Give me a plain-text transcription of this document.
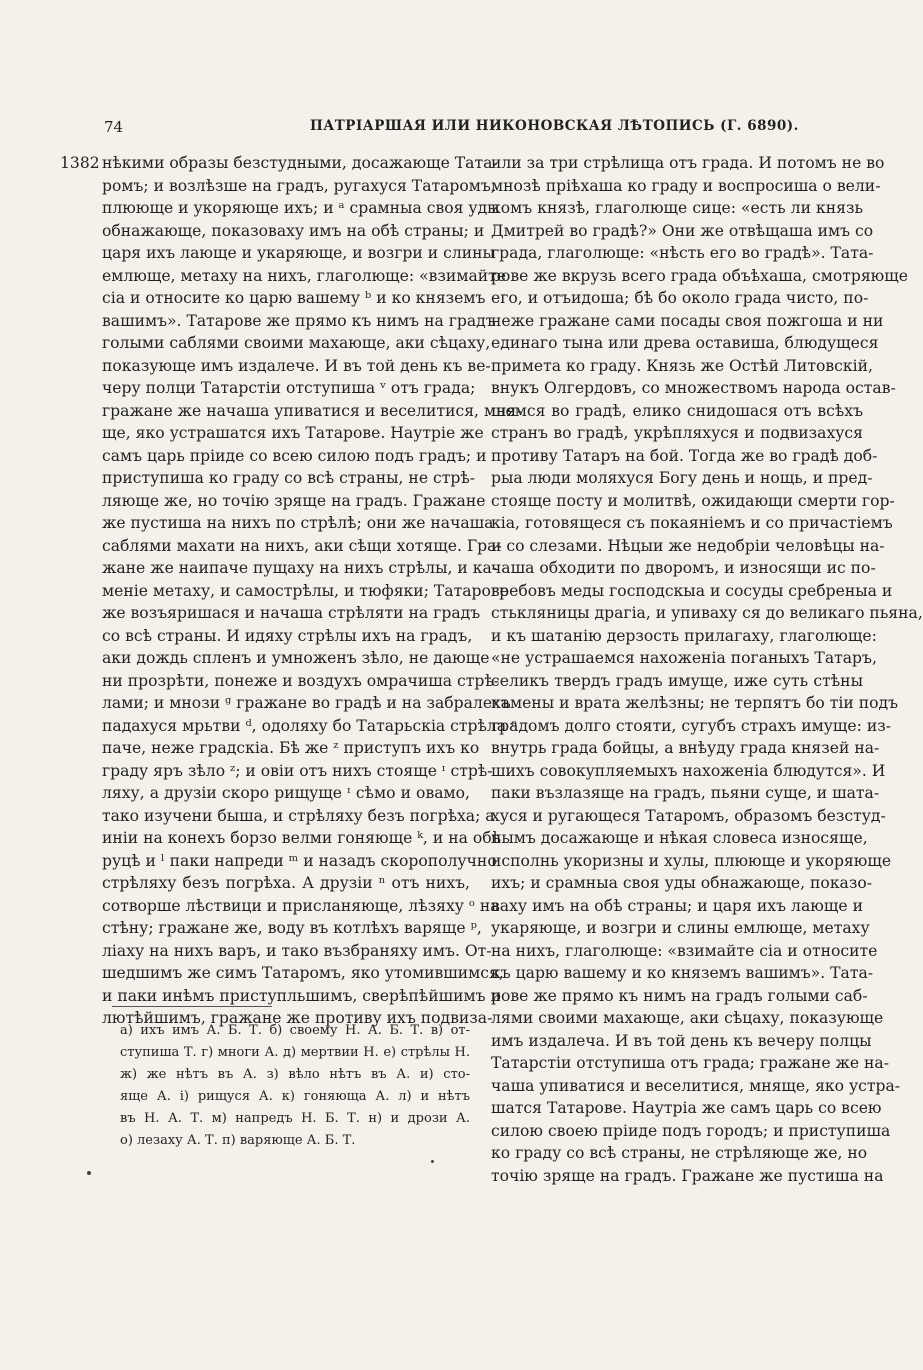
74	ПАТРІАРШАЯ ИЛИ НИКОНОВСКАЯ ЛѢТОПИСЬ (Г. 6890).
1382 нѣкими образы безстудными, досажающе Тата-
ромъ; и возлѣзше на градъ, ругахуся Татаромъ,
плююще и укоряюще ихъ; и ᵃ срамныа своя уды
обнажающе, показоваху имъ на обѣ страны; и
царя ихъ лающе и укаряюще, и возгри и слины
емлюще, метаху на нихъ, глаголюще: «взимайте
сіа и относите ко царю вашему ᵇ и ко княземъ
вашимъ». Татарове же прямо къ нимъ на градъ
голыми саблями своими махающе, аки сѣцаху,
показующе имъ издалече. И въ той день къ ве-
черу полци Татарстіи отступиша ᵛ отъ града;
гражане же начаша упиватися и веселитися, мня-
ще, яко устрашатся ихъ Татарове. Наутріе же
самъ царь пріиде со всею силою подъ градъ; и
приступиша ко граду со всѣ страны, не стрѣ-
ляюще же, но точію зряще на градъ. Гражане
же пустиша на нихъ по стрѣлѣ; они же начаша
саблями махати на нихъ, аки сѣщи хотяще. Гра-
жане же наипаче пущаху на нихъ стрѣлы, и ка-
меніе метаху, и самострѣлы, и тюфяки; Татарове
же возъяришася и начаша стрѣляти на градъ
со всѣ страны. И идяху стрѣлы ихъ на градъ,
аки дождь спленъ и умноженъ зѣло, не дающе
ни прозрѣти, понеже и воздухъ омрачиша стрѣ-
лами; и мнози ᵍ гражане во градѣ и на забралехъ
падахуся мрьтви ᵈ, одоляху бо Татарьскіа стрѣла ᵉ
паче, неже градскіа. Бѣ же ᶻ приступъ ихъ ко
граду яръ зѣло ᶻ; и овіи отъ нихъ стояще ᶦ стрѣ-
ляху, а друзіи скоро рищуще ᶦ сѣмо и овамо,
тако изучени быша, и стрѣляху безъ погрѣха; а
иніи на конехъ борзо велми гоняюще ᵏ, и на обѣ
руцѣ и ˡ паки напреди ᵐ и назадъ скорополучно
стрѣляху безъ погрѣха. А друзіи ⁿ отъ нихъ,
сотворше лѣствици и присланяюще, лѣзяху ᵒ на
стѣну; гражане же, воду въ котлѣхъ варяще ᵖ,
ліаху на нихъ варъ, и тако възбраняху имъ. От-
шедшимъ же симъ Татаромъ, яко утомившимся,
и паки инѣмъ приступльшимъ, сверѣпѣйшимъ и
лютѣйшимъ, гражане же противу ихъ подвиза-
или за три стрѣлища отъ града. И потомъ не во
мнозѣ пріѣхаша ко граду и воспросиша о вели-
комъ князѣ, глаголюще сице: «есть ли князь
Дмитрей во градѣ?» Они же отвѣщаша имъ со
града, глаголюще: «нѣсть его во градѣ». Тата-
рове же вкрузь всего града объѣхаша, смотряюще
его, и отъидоша; бѣ бо около града чисто, по-
неже гражане сами посады своя пожгоша и ни
единаго тына или древа оставиша, блюдущеся
примета ко граду. Князь же Остѣй Литовскій,
внукъ Олгердовъ, со множествомъ народа остав-
шемся во градѣ, елико снидошася отъ всѣхъ
странъ во градѣ, укрѣпляхуся и подвизахуся
противу Татаръ на бой. Тогда же во градѣ доб-
рыа люди моляхуся Богу день и нощь, и пред-
стояще посту и молитвѣ, ожидающи смерти гор-
кіа, готовящеся съ покаяніемъ и со причастіемъ
и со слезами. Нѣцыи же недобріи человѣцы на-
чаша обходити по дворомъ, и износящи ис по-
гребовъ меды господскыа и сосуды сребреныа и
стькляницы драгіа, и упиваху ся до великаго пьяна,
и къ шатанію дерзость прилагаху, глаголюще:
«не устрашаемся нахоженіа поганыхъ Татаръ,
селикъ твердъ градъ имуще, иже суть стѣны
камены и врата желѣзны; не терпятъ бо тіи подъ
градомъ долго стояти, сугубъ страхъ имуще: из-
внутрь града бойцы, а внѣуду града князей на-
шихъ совокупляемыхъ нахоженіа блюдутся». И
паки възлазяще на градъ, пьяни суще, и шата-
хуся и ругающеся Татаромъ, образомъ безстуд-
нымъ досажающе и нѣкая словеса износяще,
исполнь укоризны и хулы, плююще и укоряюще
ихъ; и срамныа своя уды обнажающе, показо-
ваху имъ на обѣ страны; и царя ихъ лающе и
укаряюще, и возгри и слины емлюще, метаху
на нихъ, глаголюще: «взимайте сіа и относите
къ царю вашему и ко княземъ вашимъ». Тата-
рове же прямо къ нимъ на градъ голыми саб-
лями своими махающе, аки сѣцаху, показующе
имъ издалеча. И въ той день къ вечеру полцы
Татарстіи отступиша отъ града; гражане же на-
чаша упиватися и веселитися, мняще, яко устра-
шатся Татарове. Наутріа же самъ царь со всею
силою своею пріиде подъ городъ; и приступиша
ко граду со всѣ страны, не стрѣляюще же, но
точію зряще на градъ. Гражане же пустиша на
а) ихъ имъ А. Б. Т. б) своему Н. А. Б. Т. в) от-
ступиша Т. г) многи А. д) мертвии Н. е) стрѣлы Н.
ж) же нѣтъ въ А. з) вѣло нѣтъ въ А. и) сто-
яще А. і) рищуся А. к) гоняюща А. л) и нѣтъ
въ Н. А. Т. м) напредъ Н. Б. Т. н) и дрози А.
о) лезаху А. Т. п) варяюще А. Б. Т.
